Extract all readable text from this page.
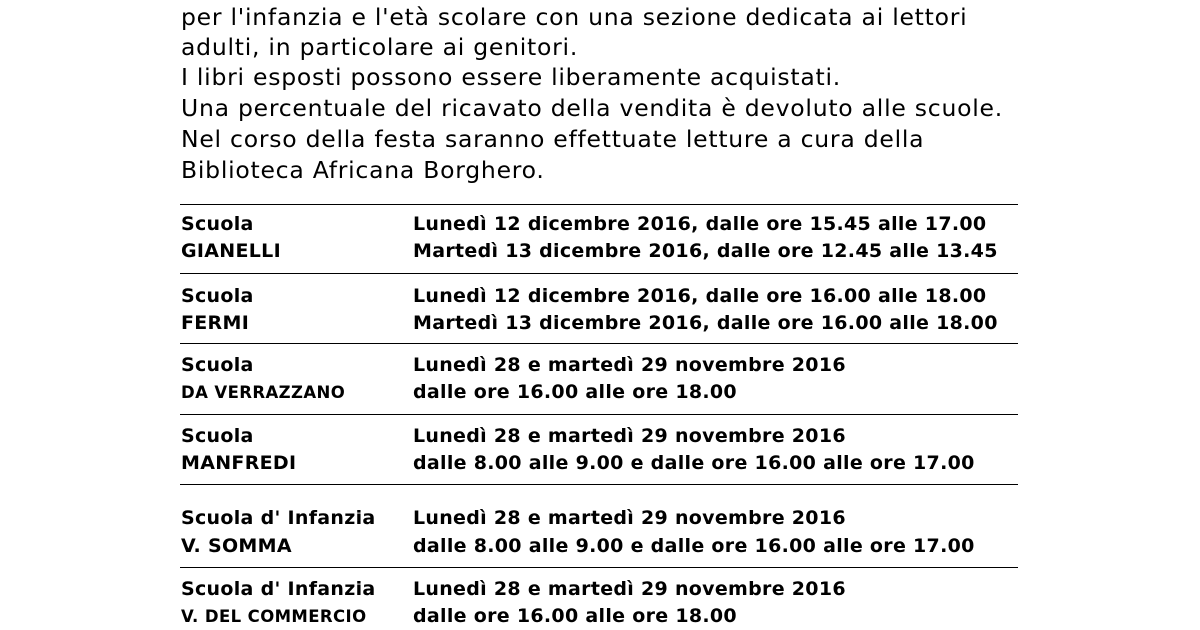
per l'infanzia e l'età scolare con una sezione dedicata ai lettori
adulti, in particolare ai genitori.
I libri esposti possono essere liberamente acquistati.
Una percentuale del ricavato della vendita è devoluto alle scuole.
Nel corso della festa saranno effettuate letture a cura della
Biblioteca Africana Borghero.
Scuola
GIANELLI
Lunedì 12 dicembre 2016, dalle ore 15.45 alle 17.00
Martedì 13 dicembre 2016, dalle ore 12.45 alle 13.45
Scuola
FERMI
Lunedì 12 dicembre 2016, dalle ore 16.00 alle 18.00
Martedì 13 dicembre 2016, dalle ore 16.00 alle 18.00
Scuola
DA VERRAZZANO
Lunedì 28 e martedì 29 novembre 2016
dalle ore 16.00 alle ore 18.00
Scuola
MANFREDI
Lunedì 28 e martedì 29 novembre 2016
dalle 8.00 alle 9.00 e dalle ore 16.00 alle ore 17.00
Scuola d' Infanzia
V. SOMMA
Lunedì 28 e martedì 29 novembre 2016
dalle 8.00 alle 9.00 e dalle ore 16.00 alle ore 17.00
Scuola d' Infanzia
V. DEL COMMERCIO
Lunedì 28 e martedì 29 novembre 2016
dalle ore 16.00 alle ore 18.00
